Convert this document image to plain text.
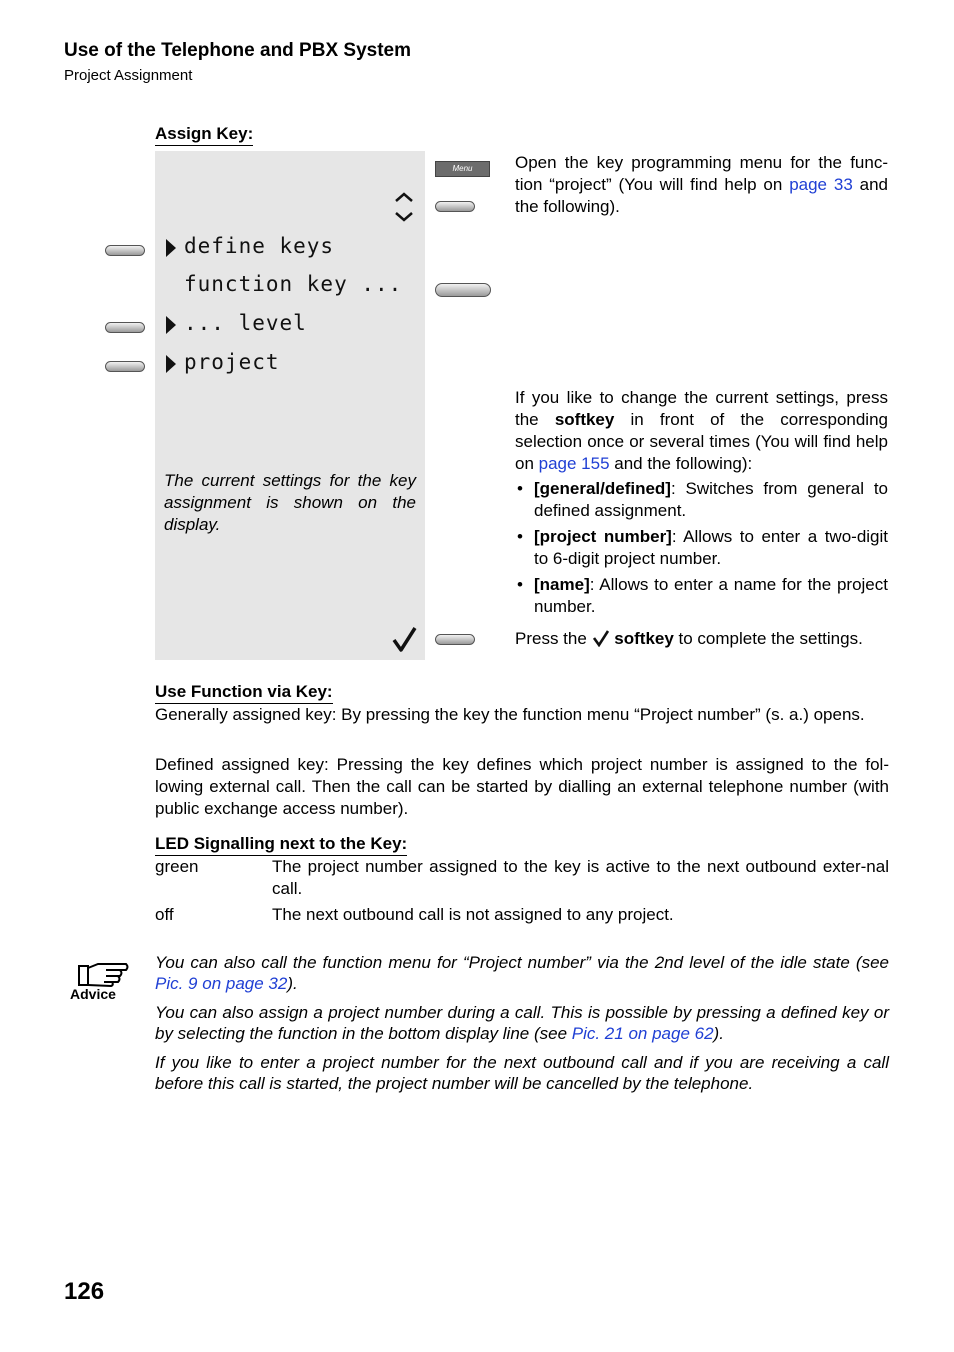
Use of the Telephone and PBX System
Project Assignment
Assign Key:
define keys
function key ...
... level
project
Menu
The current settings for the key assignment is shown on the display.
Open the key programming menu for the func-tion “project” (You will find help on page 33 and the following).
If you like to change the current settings, press the softkey in front of the corresponding selection once or several times (You will find help on page 155 and the following):
• [general/defined]: Switches from general to defined assignment.
• [project number]: Allows to enter a two-digit to 6-digit project number.
• [name]: Allows to enter a name for the project number.
Press the  softkey to complete the settings.
Use Function via Key:
Generally assigned key: By pressing the key the function menu “Project number” (s. a.) opens.
Defined assigned key: Pressing the key defines which project number is assigned to the fol-lowing external call. Then the call can be started by dialling an external telephone number (with public exchange access number).
LED Signalling next to the Key:
green	The project number assigned to the key is active to the next outbound exter-nal call.
off	The next outbound call is not assigned to any project.
Advice
You can also call the function menu for “Project number” via the 2nd level of the idle state (see Pic. 9 on page 32).
You can also assign a project number during a call. This is possible by pressing a defined key or by selecting the function in the bottom display line (see Pic. 21 on page 62).
If you like to enter a project number for the next outbound call and if you are receiving a call before this call is started, the project number will be cancelled by the telephone.
126
